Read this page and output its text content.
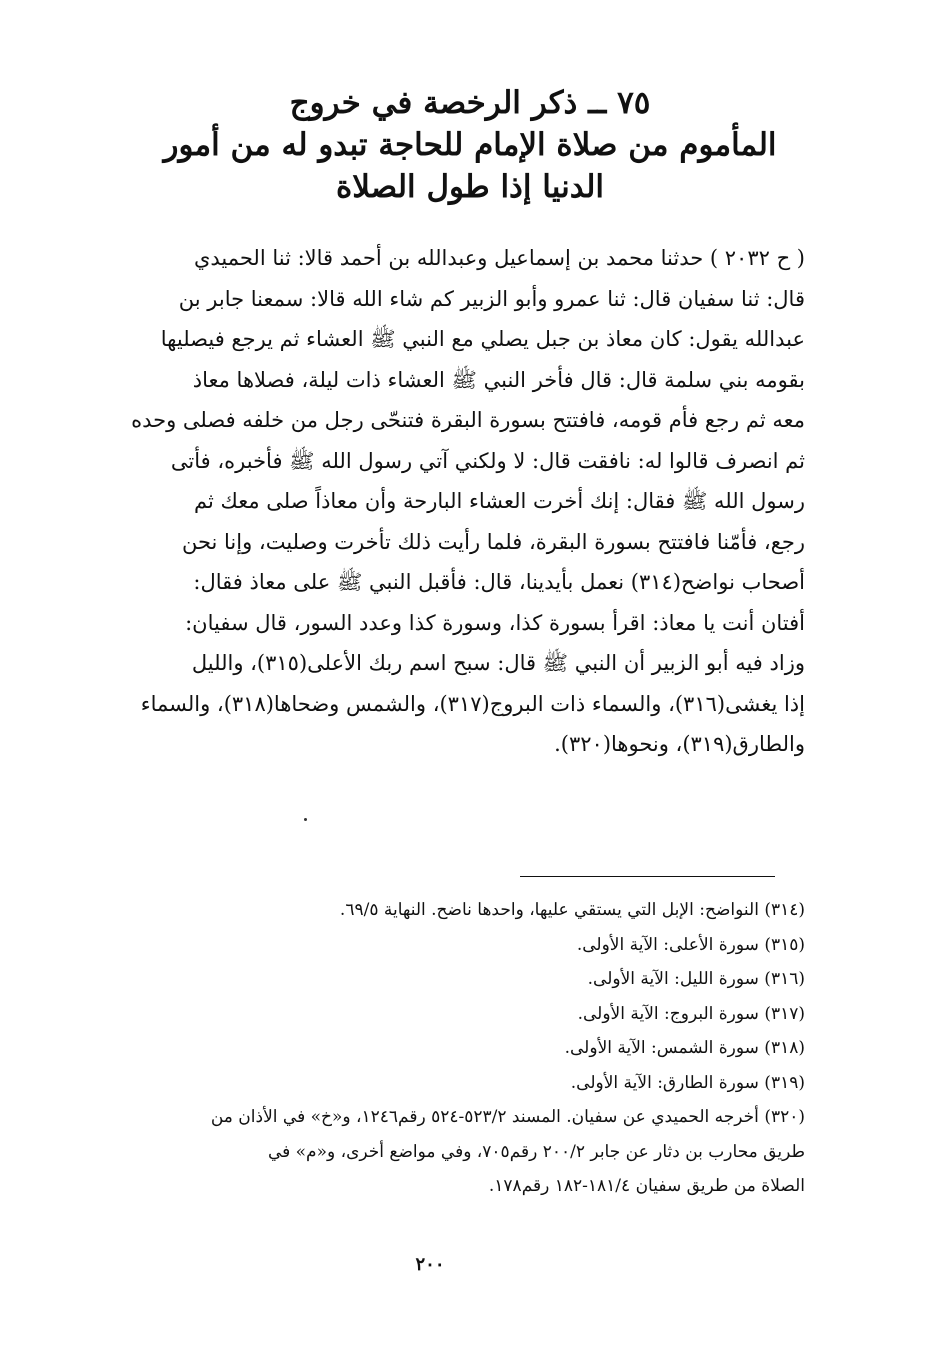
٧٥ ــ ذكر الرخصة في خروج
المأموم من صلاة الإمام للحاجة تبدو له من أمور
الدنيا إذا طول الصلاة
( ح ٢٠٣٢ ) حدثنا محمد بن إسماعيل وعبدالله بن أحمد قالا: ثنا الحميدي
قال: ثنا سفيان قال: ثنا عمرو وأبو الزبير كم شاء الله قالا: سمعنا جابر بن
عبدالله يقول: كان معاذ بن جبل يصلي مع النبي ﷺ العشاء ثم يرجع فيصليها
بقومه بني سلمة قال: قال فأخر النبي ﷺ العشاء ذات ليلة، فصلاها معاذ
معه ثم رجع فأم قومه، فافتتح بسورة البقرة فتنحّى رجل من خلفه فصلى وحده
ثم انصرف قالوا له: نافقت قال: لا ولكني آتي رسول الله ﷺ فأخبره، فأتى
رسول الله ﷺ فقال: إنك أخرت العشاء البارحة وأن معاذاً صلى معك ثم
رجع، فأمّنا فافتتح بسورة البقرة، فلما رأيت ذلك تأخرت وصليت، وإنا نحن
أصحاب نواضح(٣١٤) نعمل بأيدينا، قال: فأقبل النبي ﷺ على معاذ فقال:
أفتان أنت يا معاذ: اقرأ بسورة كذا، وسورة كذا وعدد السور، قال سفيان:
وزاد فيه أبو الزبير أن النبي ﷺ قال: سبح اسم ربك الأعلى(٣١٥)، والليل
إذا يغشى(٣١٦)، والسماء ذات البروج(٣١٧)، والشمس وضحاها(٣١٨)، والسماء
والطارق(٣١٩)، ونحوها(٣٢٠).
(٣١٤) النواضح: الإبل التي يستقي عليها، واحدها ناضح. النهاية ٦٩/٥.
(٣١٥) سورة الأعلى: الآية الأولى.
(٣١٦) سورة الليل: الآية الأولى.
(٣١٧) سورة البروج: الآية الأولى.
(٣١٨) سورة الشمس: الآية الأولى.
(٣١٩) سورة الطارق: الآية الأولى.
(٣٢٠) أخرجه الحميدي عن سفيان. المسند ٥٢٣/٢-٥٢٤ رقم١٢٤٦، و«خ» في الأذان من
طريق محارب بن دثار عن جابر ٢٠٠/٢ رقم٧٠٥، وفي مواضع أخرى، و«م» في
الصلاة من طريق سفيان ١٨١/٤-١٨٢ رقم١٧٨.
٢٠٠
